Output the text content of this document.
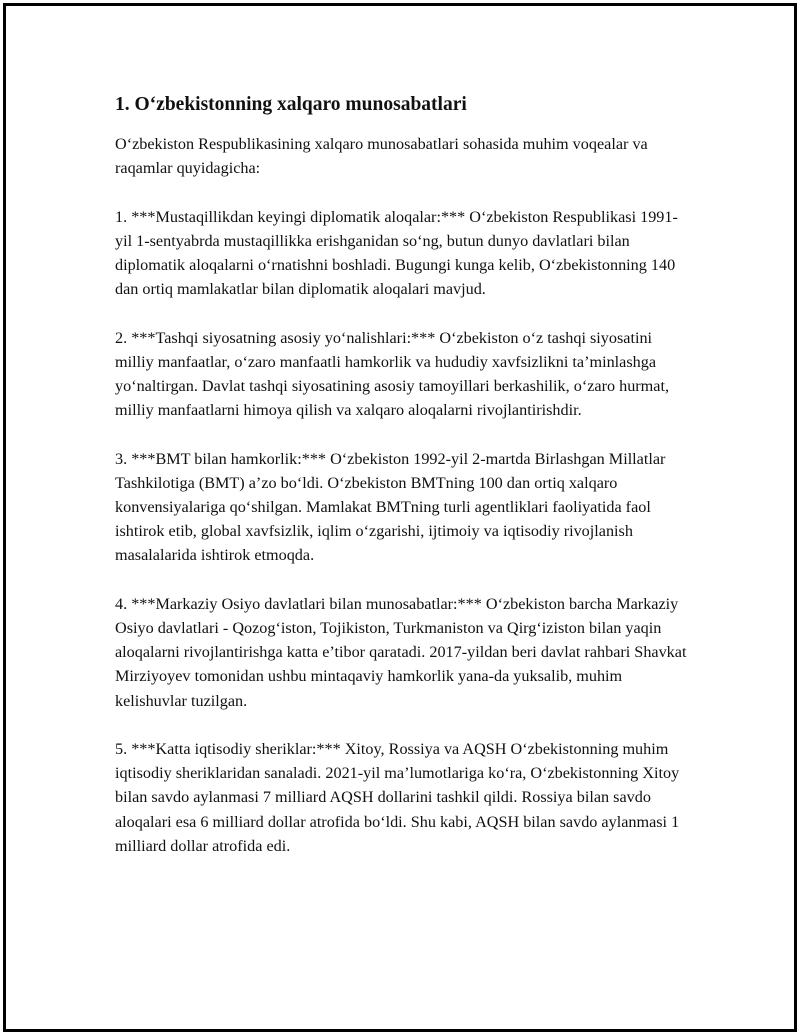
1. O‘zbekistonning xalqaro munosabatlari

O‘zbekiston Respublikasining xalqaro munosabatlari sohasida muhim voqealar va raqamlar quyidagicha:

1. ***Mustaqillikdan keyingi diplomatik aloqalar:*** O‘zbekiston Respublikasi 1991-yil 1-sentyabrda mustaqillikka erishganidan so‘ng, butun dunyo davlatlari bilan diplomatik aloqalarni o‘rnatishni boshladi. Bugungi kunga kelib, O‘zbekistonning 140 dan ortiq mamlakatlar bilan diplomatik aloqalari mavjud.

2. ***Tashqi siyosatning asosiy yo‘nalishlari:*** O‘zbekiston o‘z tashqi siyosatini milliy manfaatlar, o‘zaro manfaatli hamkorlik va hududiy xavfsizlikni ta’minlashga yo‘naltirgan. Davlat tashqi siyosatining asosiy tamoyillari berkashilik, o‘zaro hurmat, milliy manfaatlarni himoya qilish va xalqaro aloqalarni rivojlantirishdir.

3. ***BMT bilan hamkorlik:*** O‘zbekiston 1992-yil 2-martda Birlashgan Millatlar Tashkilotiga (BMT) a’zo bo‘ldi. O‘zbekiston BMTning 100 dan ortiq xalqaro konvensiyalariga qo‘shilgan. Mamlakat BMTning turli agentliklari faoliyatida faol ishtirok etib, global xavfsizlik, iqlim o‘zgarishi, ijtimoiy va iqtisodiy rivojlanish masalalarida ishtirok etmoqda.

4. ***Markaziy Osiyo davlatlari bilan munosabatlar:*** O‘zbekiston barcha Markaziy Osiyo davlatlari - Qozog‘iston, Tojikiston, Turkmaniston va Qirg‘iziston bilan yaqin aloqalarni rivojlantirishga katta e’tibor qaratadi. 2017-yildan beri davlat rahbari Shavkat Mirziyoyev tomonidan ushbu mintaqaviy hamkorlik yana-da yuksalib, muhim kelishuvlar tuzilgan.

5. ***Katta iqtisodiy sheriklar:*** Xitoy, Rossiya va AQSH O‘zbekistonning muhim iqtisodiy sheriklaridan sanaladi. 2021-yil ma’lumotlariga ko‘ra, O‘zbekistonning Xitoy bilan savdo aylanmasi 7 milliard AQSH dollarini tashkil qildi. Rossiya bilan savdo aloqalari esa 6 milliard dollar atrofida bo‘ldi. Shu kabi, AQSH bilan savdo aylanmasi 1 milliard dollar atrofida edi.
